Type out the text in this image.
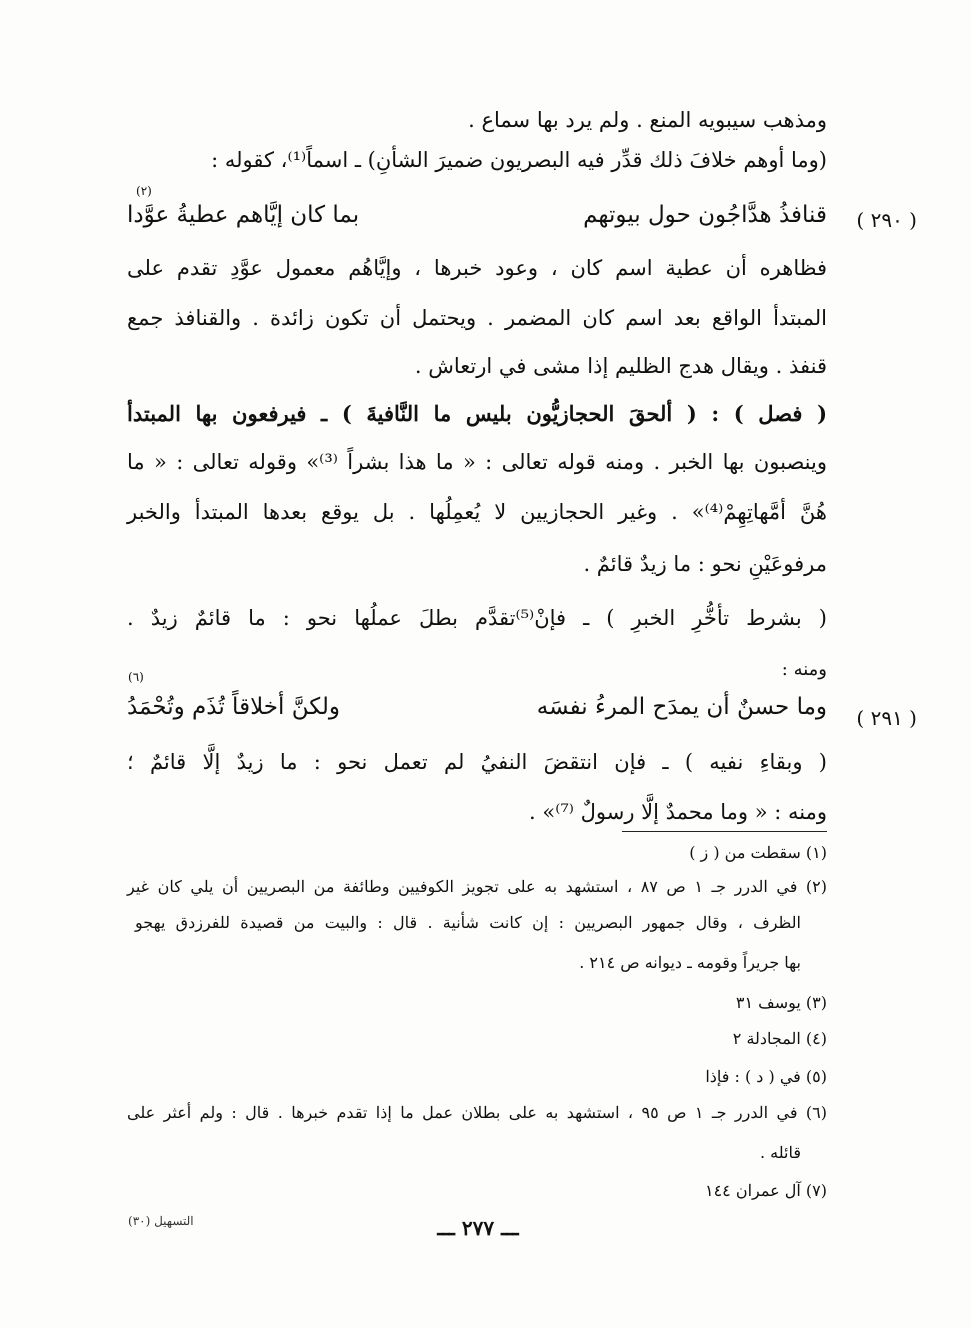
ومذهب سيبويه المنع . ولم يرد بها سماع .
(وما أوهم خلافَ ذلك قدِّر فيه البصريون ضميرَ الشأنِ) ـ اسماً⁽¹⁾، كقوله :
( ٢٩٠ )
(٢)
قنافذُ هدَّاجُون حول بيوتهم
بما كان إيَّاهم عطيةُ عوَّدا
فظاهره أن عطية اسم كان ، وعود خبرها ، وإيَّاهُم معمول عوَّدِ تقدم على
المبتدأ الواقع بعد اسم كان المضمر . ويحتمل أن تكون زائدة . والقنافذ جمع
قنفذ . ويقال هدج الظليم إذا مشى في ارتعاش .
( فصل ) : ( ألحقَ الحجازيُّون بليس ما النَّافيةَ ) ـ فيرفعون بها المبتدأ
وينصبون بها الخبر . ومنه قوله تعالى : « ما هذا بشراً ⁽³⁾» وقوله تعالى : « ما
هُنَّ أمَّهاتِهِمْ⁽⁴⁾» . وغير الحجازيين لا يُعمِلُها . بل يوقع بعدها المبتدأ والخبر
مرفوعَيْنِ نحو : ما زيدٌ قائمٌ .
( بشرط تأخُّرِ الخبرِ ) ـ فإنْ⁽⁵⁾تقدَّم بطلَ عملُها نحو : ما قائمٌ زيدٌ .
ومنه :
( ٢٩١ )
(٦)
وما حسنٌ أن يمدَح المرءُ نفسَه
ولكنَّ أخلاقاً تُذَم وتُحْمَدُ
( وبقاءِ نفيه ) ـ فإن انتقضَ النفيُ لم تعمل نحو : ما زيدٌ إلَّا قائمٌ ؛
ومنه : « وما محمدٌ إلَّا رسولٌ ⁽⁷⁾» .
(١) سقطت من ( ز )
(٢) في الدرر جـ ١ ص ٨٧ ، استشهد به على تجويز الكوفيين وطائفة من البصريين أن يلي كان غير
الظرف ، وقال جمهور البصريين : إن كانت شأنية . قال : والبيت من قصيدة للفرزدق يهجو
بها جريراً وقومه ـ ديوانه ص ٢١٤ .
(٣) يوسف ٣١
(٤) المجادلة ٢
(٥) في ( د ) : فإذا
(٦) في الدرر جـ ١ ص ٩٥ ، استشهد به على بطلان عمل ما إذا تقدم خبرها . قال : ولم أعثر على
قائله .
(٧) آل عمران ١٤٤
التسهيل (٣٠)	ـــ ٢٧٧ ـــ
